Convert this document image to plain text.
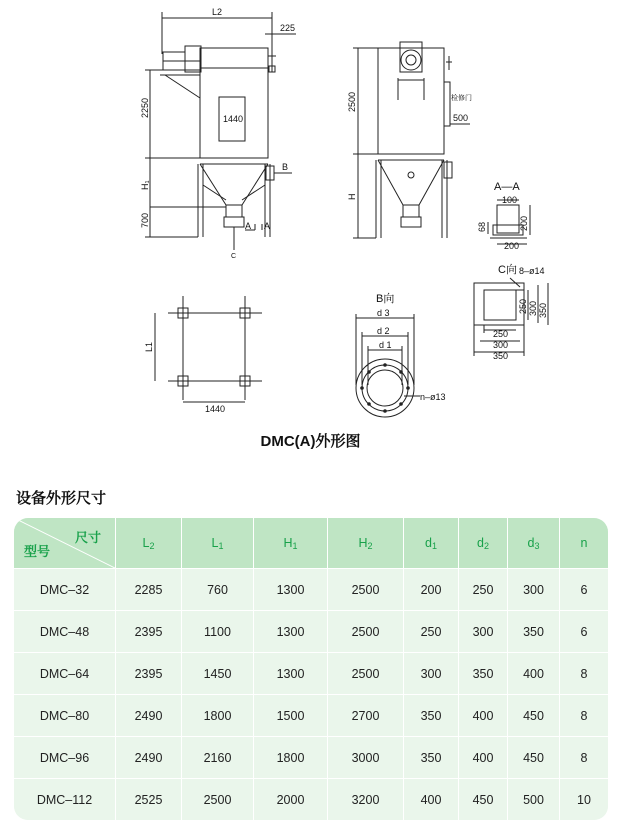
L2
225
2250
1440
H₁
700
B
A A
C
2500
H
检修门
500
A—A
100
68	200
200
C向 8–ø14
250 300 350
250
300
350
L1
1440
B向
d 3
d 2
d 1
n–ø13
DMC(A)外形图
设备外形尺寸
尺寸
型号	$L_2$	$L_1$	$H_1$	$H_2$	$d_1$	$d_2$	$d_3$	n
DMC–32	2285	760	1300	2500	200	250	300	6
DMC–48	2395	1100	1300	2500	250	300	350	6
DMC–64	2395	1450	1300	2500	300	350	400	8
DMC–80	2490	1800	1500	2700	350	400	450	8
DMC–96	2490	2160	1800	3000	350	400	450	8
DMC–112	2525	2500	2000	3200	400	450	500	10
